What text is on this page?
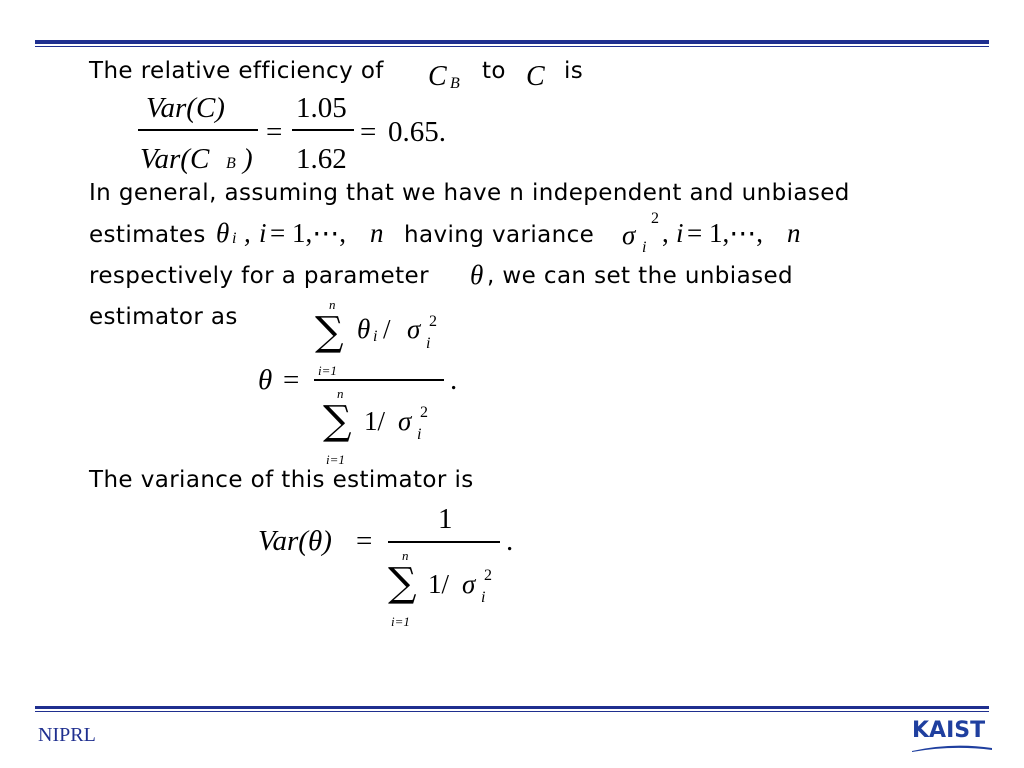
The relative efficiency of C B to C is
Var(C)
Var(C B )
=
1.05
1.62
= 0.65.
In general, assuming that we have n independent and unbiased
estimates θ i , i = 1,⋯, n having variance σ
2
i , i = 1,⋯, n
respectively for a parameter θ , we can set the unbiased
estimator as	n
∑
i=1
θ i / σ 2
i
θ =	.
n
∑
i=1
1/ σ 2
i
The variance of this estimator is
Var(θ) =
1
.
n
∑
i=1
1/ σ 2
i
NIPRL	KAIST
